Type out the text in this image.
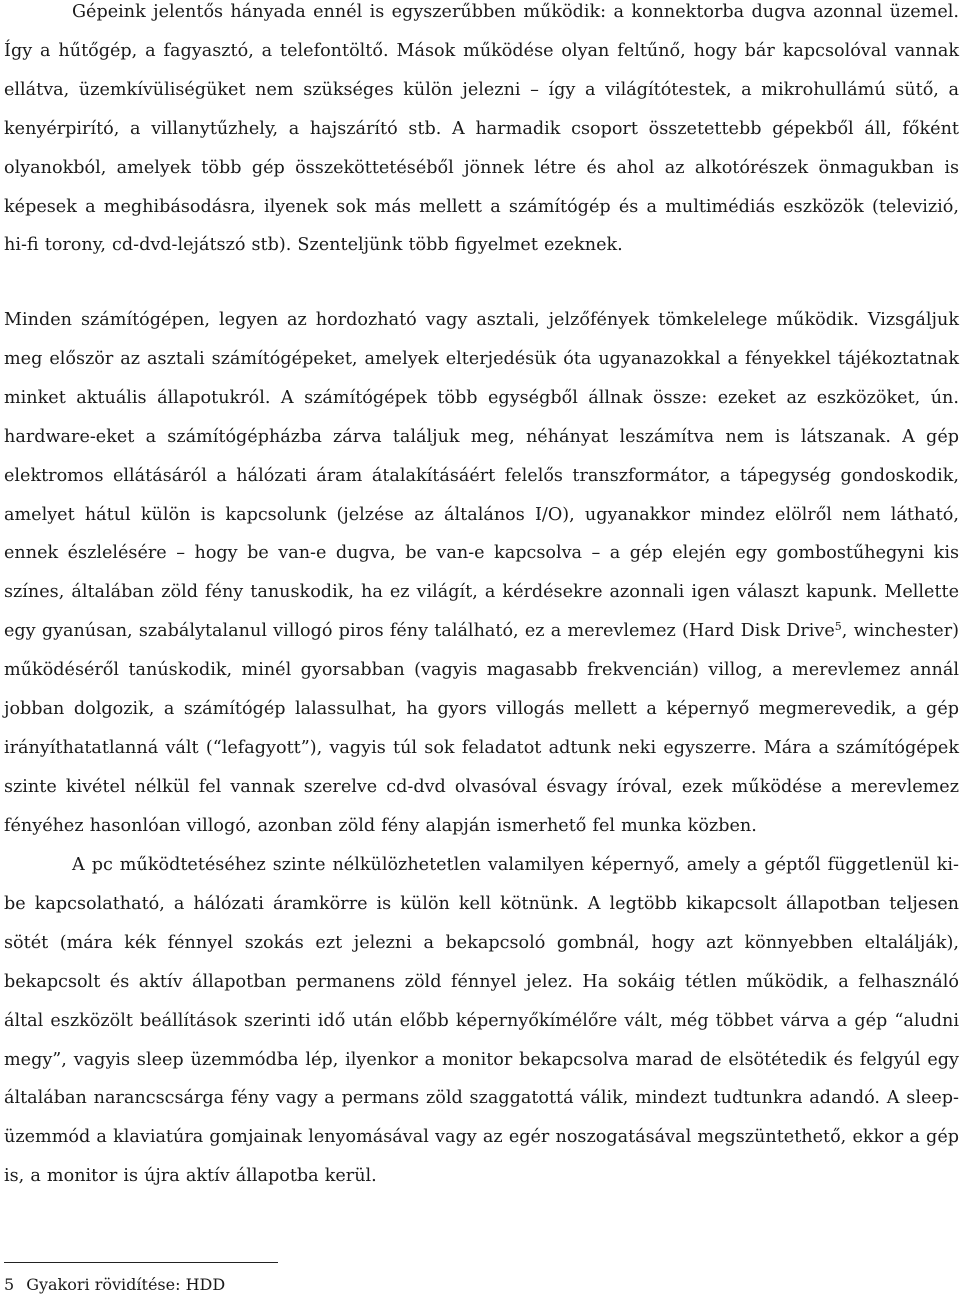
Gépeink jelentős hányada ennél is egyszerűbben működik: a konnektorba dugva azonnal üzemel. Így a hűtőgép, a fagyasztó, a telefontöltő. Mások működése olyan feltűnő, hogy bár kapcsolóval vannak ellátva, üzemkívüliségüket nem szükséges külön jelezni – így a világítótestek, a mikrohullámú sütő, a kenyérpirító, a villanytűzhely, a hajszárító stb. A harmadik csoport összetettebb gépekből áll, főként olyanokból, amelyek több gép összeköttetéséből jönnek létre és ahol az alkotórészek önmagukban is képesek a meghibásodásra, ilyenek sok más mellett a számítógép és a multimédiás eszközök (televizió, hi-fi torony, cd-dvd-lejátszó stb). Szenteljünk több figyelmet ezeknek.

Minden számítógépen, legyen az hordozható vagy asztali, jelzőfények tömkelelege működik. Vizsgáljuk meg először az asztali számítógépeket, amelyek elterjedésük óta ugyanazokkal a fényekkel tájékoztatnak minket aktuális állapotukról. A számítógépek több egységből állnak össze: ezeket az eszközöket, ún. hardware-eket a számítógépházba zárva találjuk meg, néhányat leszámítva nem is látszanak. A gép elektromos ellátásáról a hálózati áram átalakításáért felelős transzformátor, a tápegység gondoskodik, amelyet hátul külön is kapcsolunk (jelzése az általános I/O), ugyanakkor mindez elölről nem látható, ennek észlelésére – hogy be van-e dugva, be van-e kapcsolva – a gép elején egy gombostűhegyni kis színes, általában zöld fény tanuskodik, ha ez világít, a kérdésekre azonnali igen választ kapunk. Mellette egy gyanúsan, szabálytalanul villogó piros fény található, ez a merevlemez (Hard Disk Drive$^5$, winchester) működéséről tanúskodik, minél gyorsabban (vagyis magasabb frekvencián) villog, a merevlemez annál jobban dolgozik, a számítógép lalassulhat, ha gyors villogás mellett a képernyő megmerevedik, a gép irányíthatatlanná vált (“lefagyott”), vagyis túl sok feladatot adtunk neki egyszerre. Mára a számítógépek szinte kivétel nélkül fel vannak szerelve cd-dvd olvasóval ésvagy íróval, ezek működése a merevlemez fényéhez hasonlóan villogó, azonban zöld fény alapján ismerhető fel munka közben.

A pc működtetéséhez szinte nélkülözhetetlen valamilyen képernyő, amely a géptől függetlenül ki-be kapcsolatható, a hálózati áramkörre is külön kell kötnünk. A legtöbb kikapcsolt állapotban teljesen sötét (mára kék fénnyel szokás ezt jelezni a bekapcsoló gombnál, hogy azt könnyebben eltalálják), bekapcsolt és aktív állapotban permanens zöld fénnyel jelez. Ha sokáig tétlen működik, a felhasználó által eszközölt beállítások szerinti idő után előbb képernyőkímélőre vált, még többet várva a gép “aludni megy”, vagyis sleep üzemmódba lép, ilyenkor a monitor bekapcsolva marad de elsötétedik és felgyúl egy általában narancscsárga fény vagy a permans zöld szaggatottá válik, mindezt tudtunkra adandó. A sleep-üzemmód a klaviatúra gomjainak lenyomásával vagy az egér noszogatásával megszüntethető, ekkor a gép is, a monitor is újra aktív állapotba kerül.

5 Gyakori rövidítése: HDD
